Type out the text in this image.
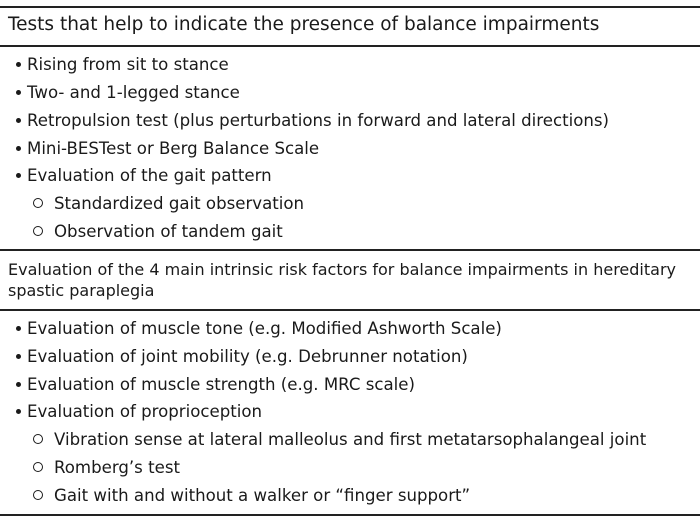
Tests that help to indicate the presence of balance impairments
Rising from sit to stance
Two- and 1-legged stance
Retropulsion test (plus perturbations in forward and lateral directions)
Mini-BESTest or Berg Balance Scale
Evaluation of the gait pattern
Standardized gait observation
Observation of tandem gait
Evaluation of the 4 main intrinsic risk factors for balance impairments in hereditary spastic paraplegia
Evaluation of muscle tone (e.g. Modified Ashworth Scale)
Evaluation of joint mobility (e.g. Debrunner notation)
Evaluation of muscle strength (e.g. MRC scale)
Evaluation of proprioception
Vibration sense at lateral malleolus and first metatarsophalangeal joint
Romberg’s test
Gait with and without a walker or “finger support”
